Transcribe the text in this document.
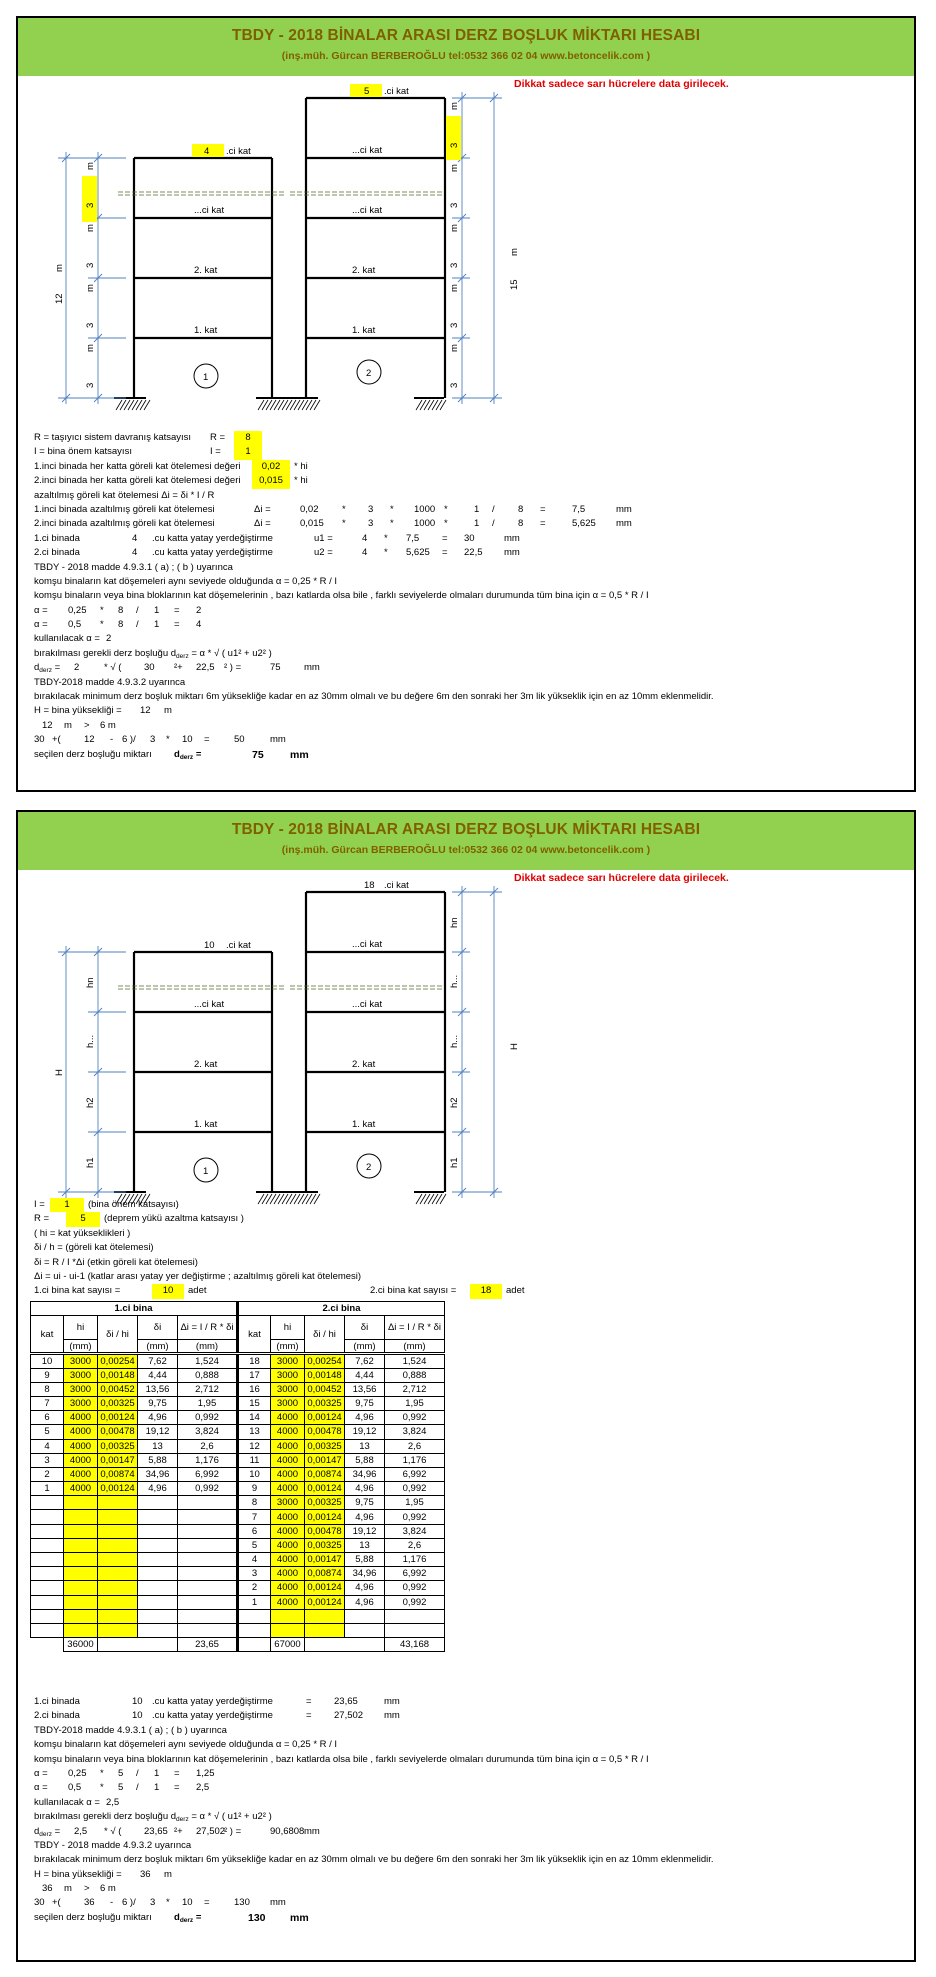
TBDY - 2018 BİNALAR ARASI DERZ BOŞLUK MİKTARI HESABI
(inş.müh. Gürcan BERBEROĞLU tel:0532 366 02 04 www.betoncelik.com )
Dikkat sadece sarı hücrelere data girilecek.
1	2
...ci kat
2. kat
1. kat
...ci kat
...ci kat
2. kat
1. kat
4 .ci kat
5 .ci kat
m
3
m
3
m
3
m
3
m
3
m
3
m
3
m
3
m
3
12
m
15
m
R = taşıyıcı sistem davranış katsayısı R =	8
I = bina önem katsayısı	I =	1
1.inci binada her katta göreli kat ötelemesi değeri	0,02	* hi
2.inci binada her katta göreli kat ötelemesi değeri	0,015	* hi
azaltılmış göreli kat ötelemesi Δi = δi * I / R
1.inci binada azaltılmış göreli kat ötelemesi	Δi =	0,02 * 3 * 1000 *	1 / 8 =	7,5	mm
2.inci binada azaltılmış göreli kat ötelemesi	Δi =	0,015 * 3 * 1000 *	1 / 8 =	5,625 mm
1.ci binada	4 .cu katta yatay yerdeğiştirme	u1 =	4 * 7,5 = 30	mm
2.ci binada	4 .cu katta yatay yerdeğiştirme	u2 =	4 * 5,625 = 22,5 mm
TBDY - 2018 madde 4.9.3.1 ( a) ; ( b ) uyarınca
komşu binaların kat döşemeleri aynı seviyede olduğunda α = 0,25 * R / I
komşu binaların veya bina bloklarının kat döşemelerinin , bazı katlarda olsa bile , farklı seviyelerde olmaları durumunda tüm bina için α = 0,5 * R / I
α = 0,25 * 8 / 1 = 2
α = 0,5 * 8 / 1 = 4
kullanılacak α = 2
bırakılması gerekli derz boşluğu $d_{derz} = \alpha$ * √ ( u1² + u2² )
$d_{derz} = 2$	* √ ( 30 ²+ 22,5 ² ) =	75 mm
TBDY-2018 madde 4.9.3.2 uyarınca
bırakılacak minimum derz boşluk miktarı 6m yüksekliğe kadar en az 30mm olmalı ve bu değere 6m den sonraki her 3m lik yükseklik için en az 10mm eklenmelidir.
H = bina yüksekliği = 12 m
12 m > 6 m
30 +( 12 - 6 )/ 3 * 10 =	50	mm
seçilen derz boşluğu miktarı $d_{derz}$ =	75	mm
TBDY - 2018 BİNALAR ARASI DERZ BOŞLUK MİKTARI HESABI
(inş.müh. Gürcan BERBEROĞLU tel:0532 366 02 04 www.betoncelik.com )
Dikkat sadece sarı hücrelere data girilecek.
1	2
...ci kat
2. kat
1. kat
...ci kat
...ci kat
2. kat
1. kat
10 .ci kat
18 .ci kat
hn
h...
h2
h1
hn
h...
h...
h2
h1
H
H
I =	1	(bina önem katsayısı)
R =	5	(deprem yükü azaltma katsayısı )
( hi = kat yükseklikleri )
δi / h = (göreli kat ötelemesi)
δi = R / I *Δi (etkin göreli kat ötelemesi)
Δi = ui - ui-1 (katlar arası yatay yer değiştirme ; azaltılmış göreli kat ötelemesi)
1.ci bina kat sayısı =	10	adet	2.ci bina kat sayısı =	18	adet
1.ci bina					2.ci bina				
kat	hi	δi / hi	δi	Δi = I / R * δi	kat	hi	δi / hi	δi	Δi = I / R * δi
	(mm)		(mm)	(mm)		(mm)		(mm)	(mm)
10	3000	0,00254	7,62	1,524	18	3000	0,00254	7,62	1,524
9	3000	0,00148	4,44	0,888	17	3000	0,00148	4,44	0,888
8	3000	0,00452	13,56	2,712	16	3000	0,00452	13,56	2,712
7	3000	0,00325	9,75	1,95	15	3000	0,00325	9,75	1,95
6	4000	0,00124	4,96	0,992	14	4000	0,00124	4,96	0,992
5	4000	0,00478	19,12	3,824	13	4000	0,00478	19,12	3,824
4	4000	0,00325	13	2,6	12	4000	0,00325	13	2,6
3	4000	0,00147	5,88	1,176	11	4000	0,00147	5,88	1,176
2	4000	0,00874	34,96	6,992	10	4000	0,00874	34,96	6,992
1	4000	0,00124	4,96	0,992	9	4000	0,00124	4,96	0,992
					8	3000	0,00325	9,75	1,95
					7	4000	0,00124	4,96	0,992
					6	4000	0,00478	19,12	3,824
					5	4000	0,00325	13	2,6
					4	4000	0,00147	5,88	1,176
					3	4000	0,00874	34,96	6,992
					2	4000	0,00124	4,96	0,992
					1	4000	0,00124	4,96	0,992

	36000			23,65		67000			43,168
1.ci binada	10 .cu katta yatay yerdeğiştirme	= 23,65	mm
2.ci binada	10 .cu katta yatay yerdeğiştirme	= 27,502 mm
TBDY-2018 madde 4.9.3.1 ( a) ; ( b ) uyarınca
komşu binaların kat döşemeleri aynı seviyede olduğunda α = 0,25 * R / I
komşu binaların veya bina bloklarının kat döşemelerinin , bazı katlarda olsa bile , farklı seviyelerde olmaları durumunda tüm bina için α = 0,5 * R / I
α = 0,25 * 5 / 1 = 1,25
α = 0,5 * 5 / 1 = 2,5
kullanılacak α = 2,5
bırakılması gerekli derz boşluğu $d_{derz} = \alpha$ * √ ( u1² + u2² )
$d_{derz} = 2,5$ * √ ( 23,65 ²+ 27,502
² ) =	90,6808 mm
TBDY - 2018 madde 4.9.3.2 uyarınca
bırakılacak minimum derz boşluk miktarı 6m yüksekliğe kadar en az 30mm olmalı ve bu değere 6m den sonraki her 3m lik yükseklik için en az 10mm eklenmelidir.
H = bina yüksekliği = 36 m
36 m > 6 m
30 +( 36 - 6 )/ 3 * 10 =	130 mm
seçilen derz boşluğu miktarı $d_{derz}$ =	130 mm
